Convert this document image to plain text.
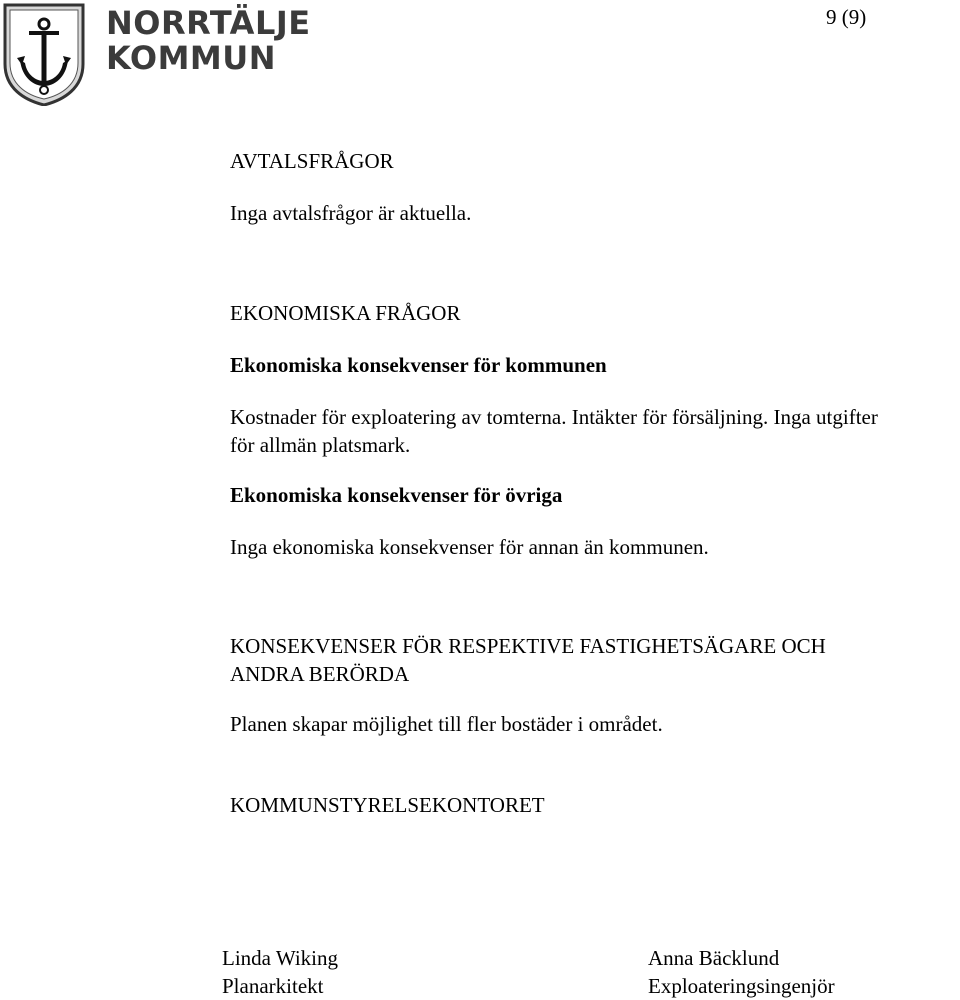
NORRTÄLJE
KOMMUN
9 (9)
AVTALSFRÅGOR
Inga avtalsfrågor är aktuella.
EKONOMISKA FRÅGOR
Ekonomiska konsekvenser för kommunen
Kostnader för exploatering av tomterna. Intäkter för försäljning. Inga utgifter
för allmän platsmark.
Ekonomiska konsekvenser för övriga
Inga ekonomiska konsekvenser för annan än kommunen.
KONSEKVENSER FÖR RESPEKTIVE FASTIGHETSÄGARE OCH
ANDRA BERÖRDA
Planen skapar möjlighet till fler bostäder i området.
KOMMUNSTYRELSEKONTORET
Linda Wiking
Planarkitekt
Anna Bäcklund
Exploateringsingenjör
